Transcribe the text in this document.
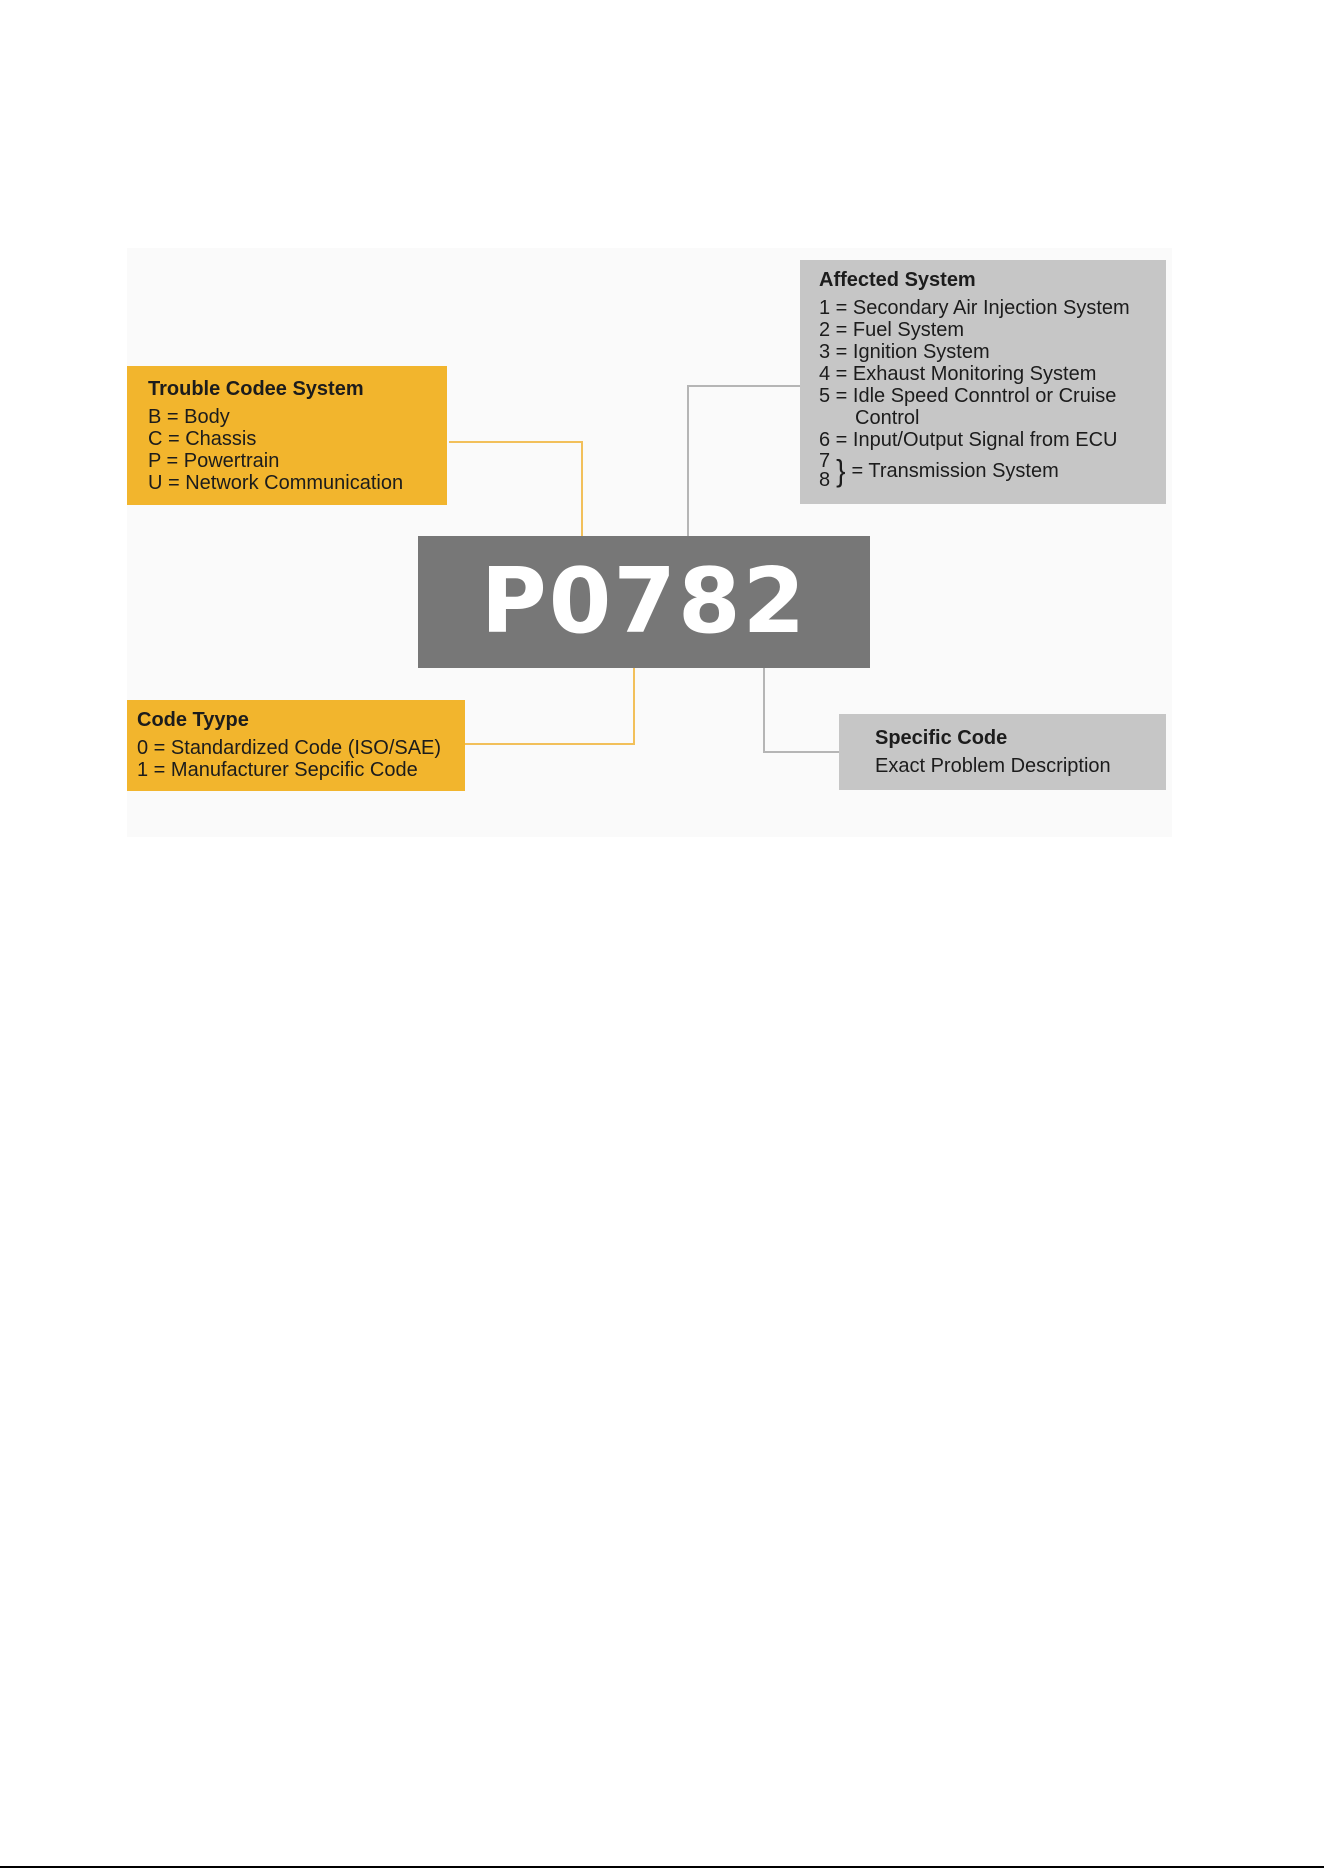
Trouble Codee System
B = Body
C = Chassis
P = Powertrain
U = Network Communication
Affected System
1 = Secondary Air Injection System
2 = Fuel System
3 = Ignition System
4 = Exhaust Monitoring System
5 = Idle Speed Conntrol or Cruise
Control
6 = Input/Output Signal from ECU
7
8 } = Transmission System
P0782
Code Tyype
0 = Standardized Code (ISO/SAE)
1 = Manufacturer Sepcific Code
Specific Code
Exact Problem Description
